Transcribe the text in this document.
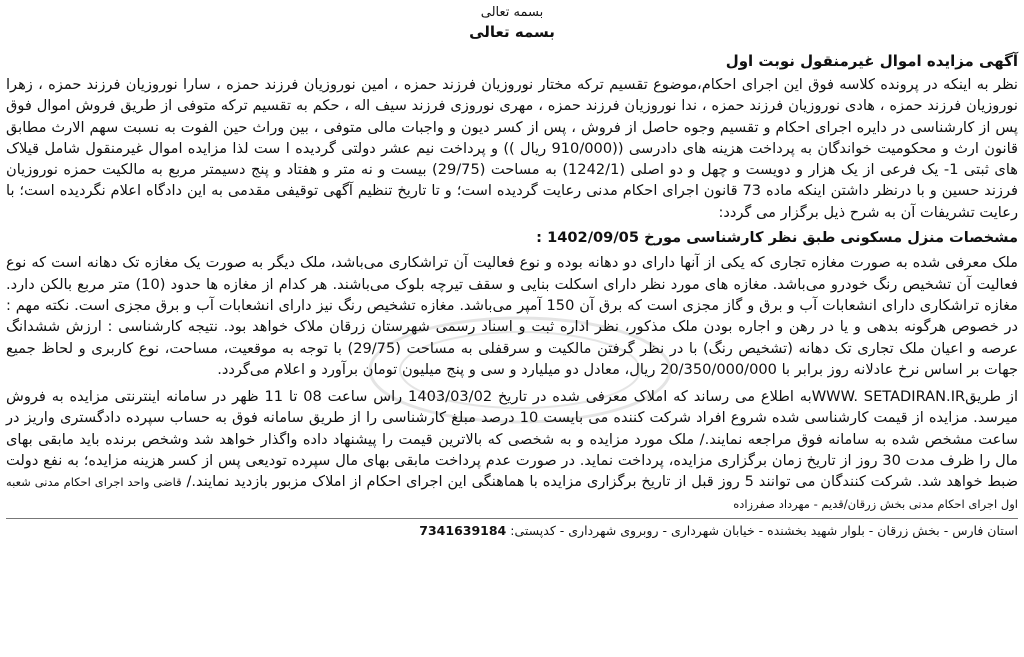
بسمه تعالی
بسمه تعالی
آگهی مزایده اموال غیرمنقول نوبت اول

نظر به اینکه در پرونده کلاسه فوق این اجرای احکام،موضوع تقسیم ترکه مختار نوروزیان فرزند حمزه ، امین نوروزیان فرزند حمزه ، سارا نوروزیان فرزند حمزه ، زهرا نوروزیان فرزند حمزه ، هادی نوروزیان فرزند حمزه ، ندا نوروزیان فرزند حمزه ، مهری نوروزی فرزند سیف اله ، حکم به تقسیم ترکه متوفی از طریق فروش اموال فوق پس از کارشناسی در دایره اجرای احکام و تقسیم وجوه حاصل از فروش ، پس از کسر دیون و واجبات مالی متوفی ، بین وراث حین الفوت به نسبت سهم الارث مطابق قانون ارث و محکومیت خواندگان به پرداخت هزینه های دادرسی ((910/000 ریال )) و پرداخت نیم عشر دولتی گردیده ا ست لذا مزایده اموال غیرمنقول شامل قیلاک های ثبتی 1- یک فرعی از یک هزار و دویست و چهل و دو اصلی (1242/1) به مساحت (29/75) بیست و نه متر و هفتاد و پنج دسیمتر مربع به مالکیت حمزه نوروزیان فرزند حسین و با درنظر داشتن اینکه ماده 73 قانون اجرای احکام مدنی رعایت گردیده است؛ و تا تاریخ تنظیم آگهی توقیفی مقدمی به این دادگاه اعلام نگردیده است؛ با رعایت تشریفات آن به شرح ذیل برگزار می گردد:

مشخصات منزل مسکونی طبق نظر کارشناسی مورخ 1402/09/05 :

ملک معرفی شده به صورت مغازه تجاری که یکی از آنها دارای دو دهانه بوده و نوع فعالیت آن تراشکاری می‌باشد، ملک دیگر به صورت یک مغازه تک دهانه است که نوع فعالیت آن تشخیص رنگ خودرو می‌باشد. مغازه های مورد نظر دارای اسکلت بنایی و سقف تیرچه بلوک می‌باشند. هر کدام از مغازه ها حدود (10) متر مربع بالکن دارد. مغازه تراشکاری دارای انشعابات آب و برق و گاز مجزی است که برق آن 150 آمپر می‌باشد. مغازه تشخیص رنگ نیز دارای انشعابات آب و برق مجزی است. نکته مهم : در خصوص هرگونه بدهی و یا در رهن و اجاره بودن ملک مذکور، نظر اداره ثبت و اسناد رسمی شهرستان زرقان ملاک خواهد بود. نتیجه کارشناسی : ارزش ششدانگ عرصه و اعیان ملک تجاری تک دهانه (تشخیص رنگ) با در نظر گرفتن مالکیت و سرقفلی به مساحت (29/75) با توجه به موقعیت، مساحت، نوع کاربری و لحاظ جمیع جهات بر اساس نرخ عادلانه روز برابر با 20/350/000/000 ریال، معادل دو میلیارد و سی و پنج میلیون تومان برآورد و اعلام می‌گردد.

از طریقWWW. SETADIRAN.IRبه اطلاع می رساند که املاک معرفی شده در تاریخ 1403/03/02 راس ساعت 08 تا 11 ظهر در سامانه اینترنتی مزایده به فروش میرسد. مزایده از قیمت کارشناسی شده شروع افراد شرکت کننده می بایست 10 درصد مبلغ کارشناسی را از طریق سامانه فوق به حساب سپرده دادگستری واریز در ساعت مشخص شده به سامانه فوق مراجعه نمایند./ ملک مورد مزایده و به شخصی که بالاترین قیمت را پیشنهاد داده واگذار خواهد شد وشخص برنده باید مابقی بهای مال را ظرف مدت 30 روز از تاریخ زمان برگزاری مزایده، پرداخت نماید. در صورت عدم پرداخت مابقی بهای مال سپرده تودیعی پس از کسر هزینه مزایده؛ به نفع دولت ضبط خواهد شد. شرکت کنندگان می توانند 5 روز قبل از تاریخ برگزاری مزایده با هماهنگی این اجرای احکام از املاک مزبور بازدید نمایند./ قاضی واحد اجرای احکام مدنی شعبه اول اجرای احکام مدنی بخش زرقان/قدیم - مهرداد صفرزاده

استان فارس - بخش زرقان - بلوار شهید بخشنده - خیابان شهرداری - روبروی شهرداری - کدپستی: 7341639184
